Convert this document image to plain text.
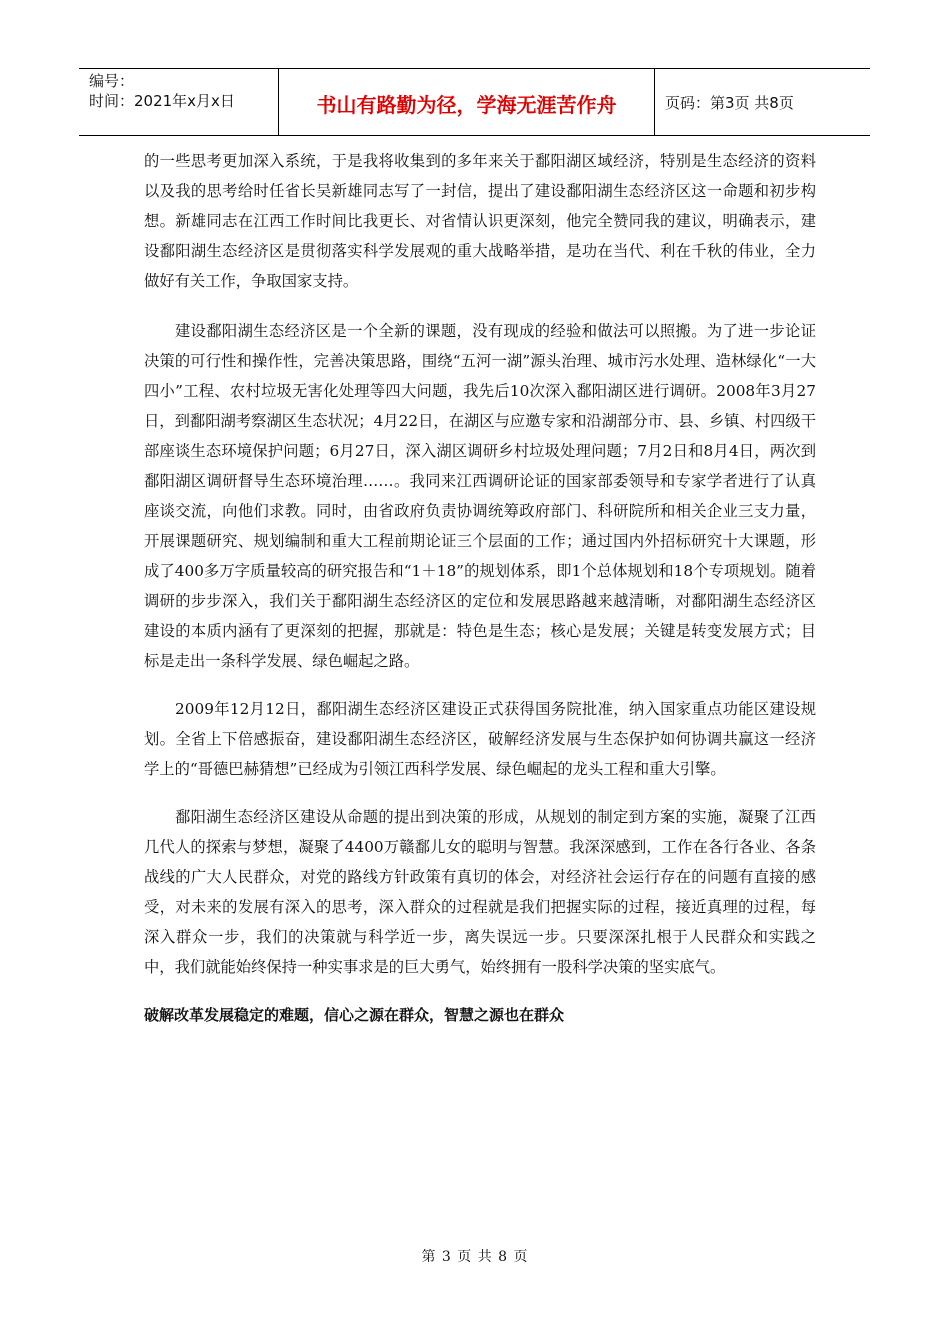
编号：
时间：2021年x月x日	书山有路勤为径，学海无涯苦作舟	页码：第3页 共8页

的一些思考更加深入系统，于是我将收集到的多年来关于鄱阳湖区域经济，特别是生态经济的资料以及我的思考给时任省长吴新雄同志写了一封信，提出了建设鄱阳湖生态经济区这一命题和初步构想。新雄同志在江西工作时间比我更长、对省情认识更深刻，他完全赞同我的建议，明确表示，建设鄱阳湖生态经济区是贯彻落实科学发展观的重大战略举措，是功在当代、利在千秋的伟业，全力做好有关工作，争取国家支持。

建设鄱阳湖生态经济区是一个全新的课题，没有现成的经验和做法可以照搬。为了进一步论证决策的可行性和操作性，完善决策思路，围绕“五河一湖”源头治理、城市污水处理、造林绿化“一大四小”工程、农村垃圾无害化处理等四大问题，我先后10次深入鄱阳湖区进行调研。2008年3月27日，到鄱阳湖考察湖区生态状况；4月22日，在湖区与应邀专家和沿湖部分市、县、乡镇、村四级干部座谈生态环境保护问题；6月27日，深入湖区调研乡村垃圾处理问题；7月2日和8月4日，两次到鄱阳湖区调研督导生态环境治理……。我同来江西调研论证的国家部委领导和专家学者进行了认真座谈交流，向他们求教。同时，由省政府负责协调统筹政府部门、科研院所和相关企业三支力量，开展课题研究、规划编制和重大工程前期论证三个层面的工作；通过国内外招标研究十大课题，形成了400多万字质量较高的研究报告和“1＋18”的规划体系，即1个总体规划和18个专项规划。随着调研的步步深入，我们关于鄱阳湖生态经济区的定位和发展思路越来越清晰，对鄱阳湖生态经济区建设的本质内涵有了更深刻的把握，那就是：特色是生态；核心是发展；关键是转变发展方式；目标是走出一条科学发展、绿色崛起之路。

2009年12月12日，鄱阳湖生态经济区建设正式获得国务院批准，纳入国家重点功能区建设规划。全省上下倍感振奋，建设鄱阳湖生态经济区，破解经济发展与生态保护如何协调共赢这一经济学上的“哥德巴赫猜想”已经成为引领江西科学发展、绿色崛起的龙头工程和重大引擎。

鄱阳湖生态经济区建设从命题的提出到决策的形成，从规划的制定到方案的实施，凝聚了江西几代人的探索与梦想，凝聚了4400万赣鄱儿女的聪明与智慧。我深深感到，工作在各行各业、各条战线的广大人民群众，对党的路线方针政策有真切的体会，对经济社会运行存在的问题有直接的感受，对未来的发展有深入的思考，深入群众的过程就是我们把握实际的过程，接近真理的过程，每深入群众一步，我们的决策就与科学近一步，离失误远一步。只要深深扎根于人民群众和实践之中，我们就能始终保持一种实事求是的巨大勇气，始终拥有一股科学决策的坚实底气。

破解改革发展稳定的难题，信心之源在群众，智慧之源也在群众
第 3 页 共 8 页
